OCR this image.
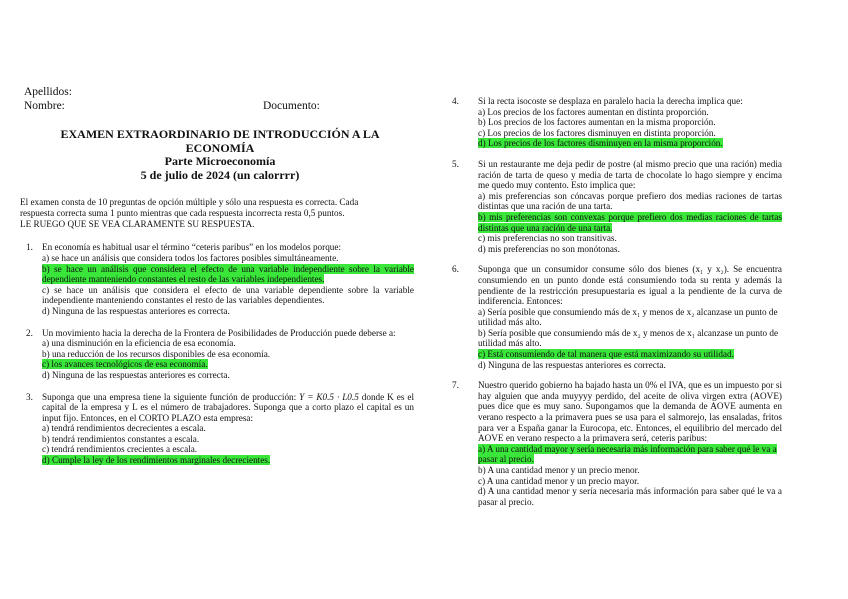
Apellidos:
Nombre:	Documento:
EXAMEN EXTRAORDINARIO DE INTRODUCCIÓN A LA
ECONOMÍA
Parte Microeconomía
5 de julio de 2024 (un calorrrr)
El examen consta de 10 preguntas de opción múltiple y sólo una respuesta es correcta. Cada
respuesta correcta suma 1 punto mientras que cada respuesta incorrecta resta 0,5 puntos.
LE RUEGO QUE SE VEA CLARAMENTE SU RESPUESTA.
1. En economía es habitual usar el término “ceteris paribus” en los modelos porque:
a) se hace un análisis que considera todos los factores posibles simultáneamente.
b) se hace un análisis que considera el efecto de una variable independiente sobre la variable dependiente manteniendo constantes el resto de las variables independientes.
c) se hace un análisis que considera el efecto de una variable dependiente sobre la variable independiente manteniendo constantes el resto de las variables dependientes.
d) Ninguna de las respuestas anteriores es correcta.
2. Un movimiento hacia la derecha de la Frontera de Posibilidades de Producción puede deberse a:
a) una disminución en la eficiencia de esa economía.
b) una reducción de los recursos disponibles de esa economía.
c) los avances tecnológicos de esa economía.
d) Ninguna de las respuestas anteriores es correcta.
3. Suponga que una empresa tiene la siguiente función de producción: Y = K0.5 · L0.5 donde K es el capital de la empresa y L es el número de trabajadores. Suponga que a corto plazo el capital es un input fijo. Entonces, en el CORTO PLAZO esta empresa:
a) tendrá rendimientos decrecientes a escala.
b) tendrá rendimientos constantes a escala.
c) tendrá rendimientos crecientes a escala.
d) Cumple la ley de los rendimientos marginales decrecientes.
4. Si la recta isocoste se desplaza en paralelo hacia la derecha implica que:
a) Los precios de los factores aumentan en distinta proporción.
b) Los precios de los factores aumentan en la misma proporción.
c) Los precios de los factores disminuyen en distinta proporción.
d) Los precios de los factores disminuyen en la misma proporción.
5. Si un restaurante me deja pedir de postre (al mismo precio que una ración) media ración de tarta de queso y media de tarta de chocolate lo hago siempre y encima me quedo muy contento. Esto implica que:
a) mis preferencias son cóncavas porque prefiero dos medias raciones de tartas distintas que una ración de una tarta.
b) mis preferencias son convexas porque prefiero dos medias raciones de tartas distintas que una ración de una tarta.
c) mis preferencias no son transitivas.
d) mis preferencias no son monótonas.
6. Suponga que un consumidor consume sólo dos bienes (x₁ y x₂). Se encuentra consumiendo en un punto donde está consumiendo toda su renta y además la pendiente de la restricción presupuestaria es igual a la pendiente de la curva de indiferencia. Entonces:
a) Sería posible que consumiendo más de x₁ y menos de x₂ alcanzase un punto de utilidad más alto.
b) Sería posible que consumiendo más de x₂ y menos de x₁ alcanzase un punto de utilidad más alto.
c) Está consumiendo de tal manera que está maximizando su utilidad.
d) Ninguna de las respuestas anteriores es correcta.
7. Nuestro querido gobierno ha bajado hasta un 0% el IVA, que es un impuesto por si hay alguien que anda muyyyy perdido, del aceite de oliva virgen extra (AOVE) pues dice que es muy sano. Supongamos que la demanda de AOVE aumenta en verano respecto a la primavera pues se usa para el salmorejo, las ensaladas, fritos para ver a España ganar la Eurocopa, etc. Entonces, el equilibrio del mercado del AOVE en verano respecto a la primavera será, ceteris paribus:
a) A una cantidad mayor y sería necesaria más información para saber qué le va a pasar al precio.
b) A una cantidad menor y un precio menor.
c) A una cantidad menor y un precio mayor.
d) A una cantidad menor y sería necesaria más información para saber qué le va a pasar al precio.
